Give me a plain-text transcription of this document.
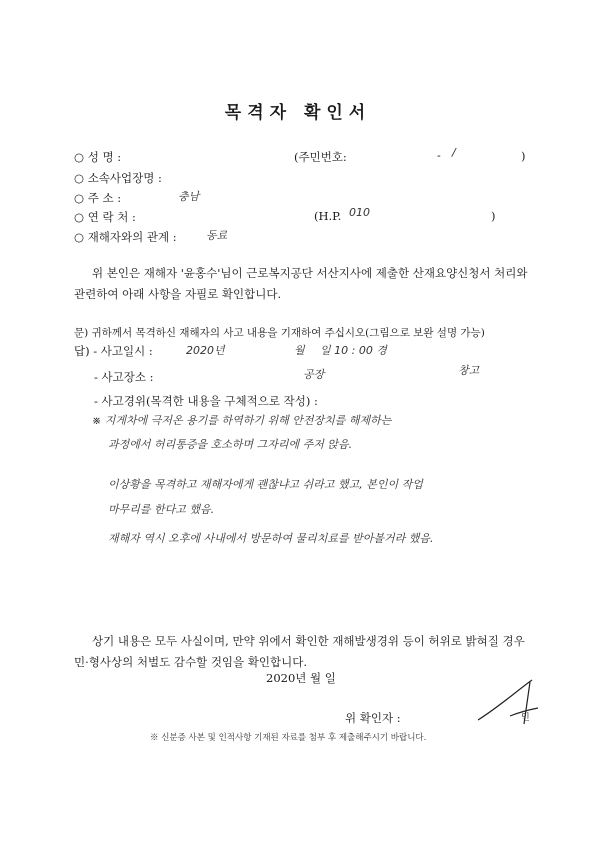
목격자 확인서
○ 성 명 :	(주민번호:	- /	)
○ 소속사업장명 :
○ 주 소 :	충남
○ 연 락 처 :	(H.P. 010	)
○ 재해자와의 관계 :	동료
위 본인은 재해자 '윤홍수'님이 근로복지공단 서산지사에 제출한 산재요양신청서 처리와
관련하여 아래 사항을 자필로 확인합니다.
문) 귀하께서 목격하신 재해자의 사고 내용을 기재하여 주십시오(그림으로 보완 설명 가능)
답) - 사고일시 :	2020년	월 일 10 : 00 경
- 사고장소 :	공장	창고
- 사고경위(목격한 내용을 구체적으로 작성) :
※ 지게차에 극저온 용기를 하역하기 위해 안전장치를 해제하는
과정에서 허리통증을 호소하며 그자리에 주저 앉음.
이상황을 목격하고 재해자에게 괜찮냐고 쉬라고 했고, 본인이 작업
마무리를 한다고 했음.
재해자 역시 오후에 사내에서 방문하여 물리치료를 받아볼거라 했음.
상기 내용은 모두 사실이며, 만약 위에서 확인한 재해발생경위 등이 허위로 밝혀질 경우
민·형사상의 처벌도 감수할 것임을 확인합니다.
2020년 월 일
위 확인자 :	인
※ 신분증 사본 및 인적사항 기재된 자료를 첨부 후 제출해주시기 바랍니다.
